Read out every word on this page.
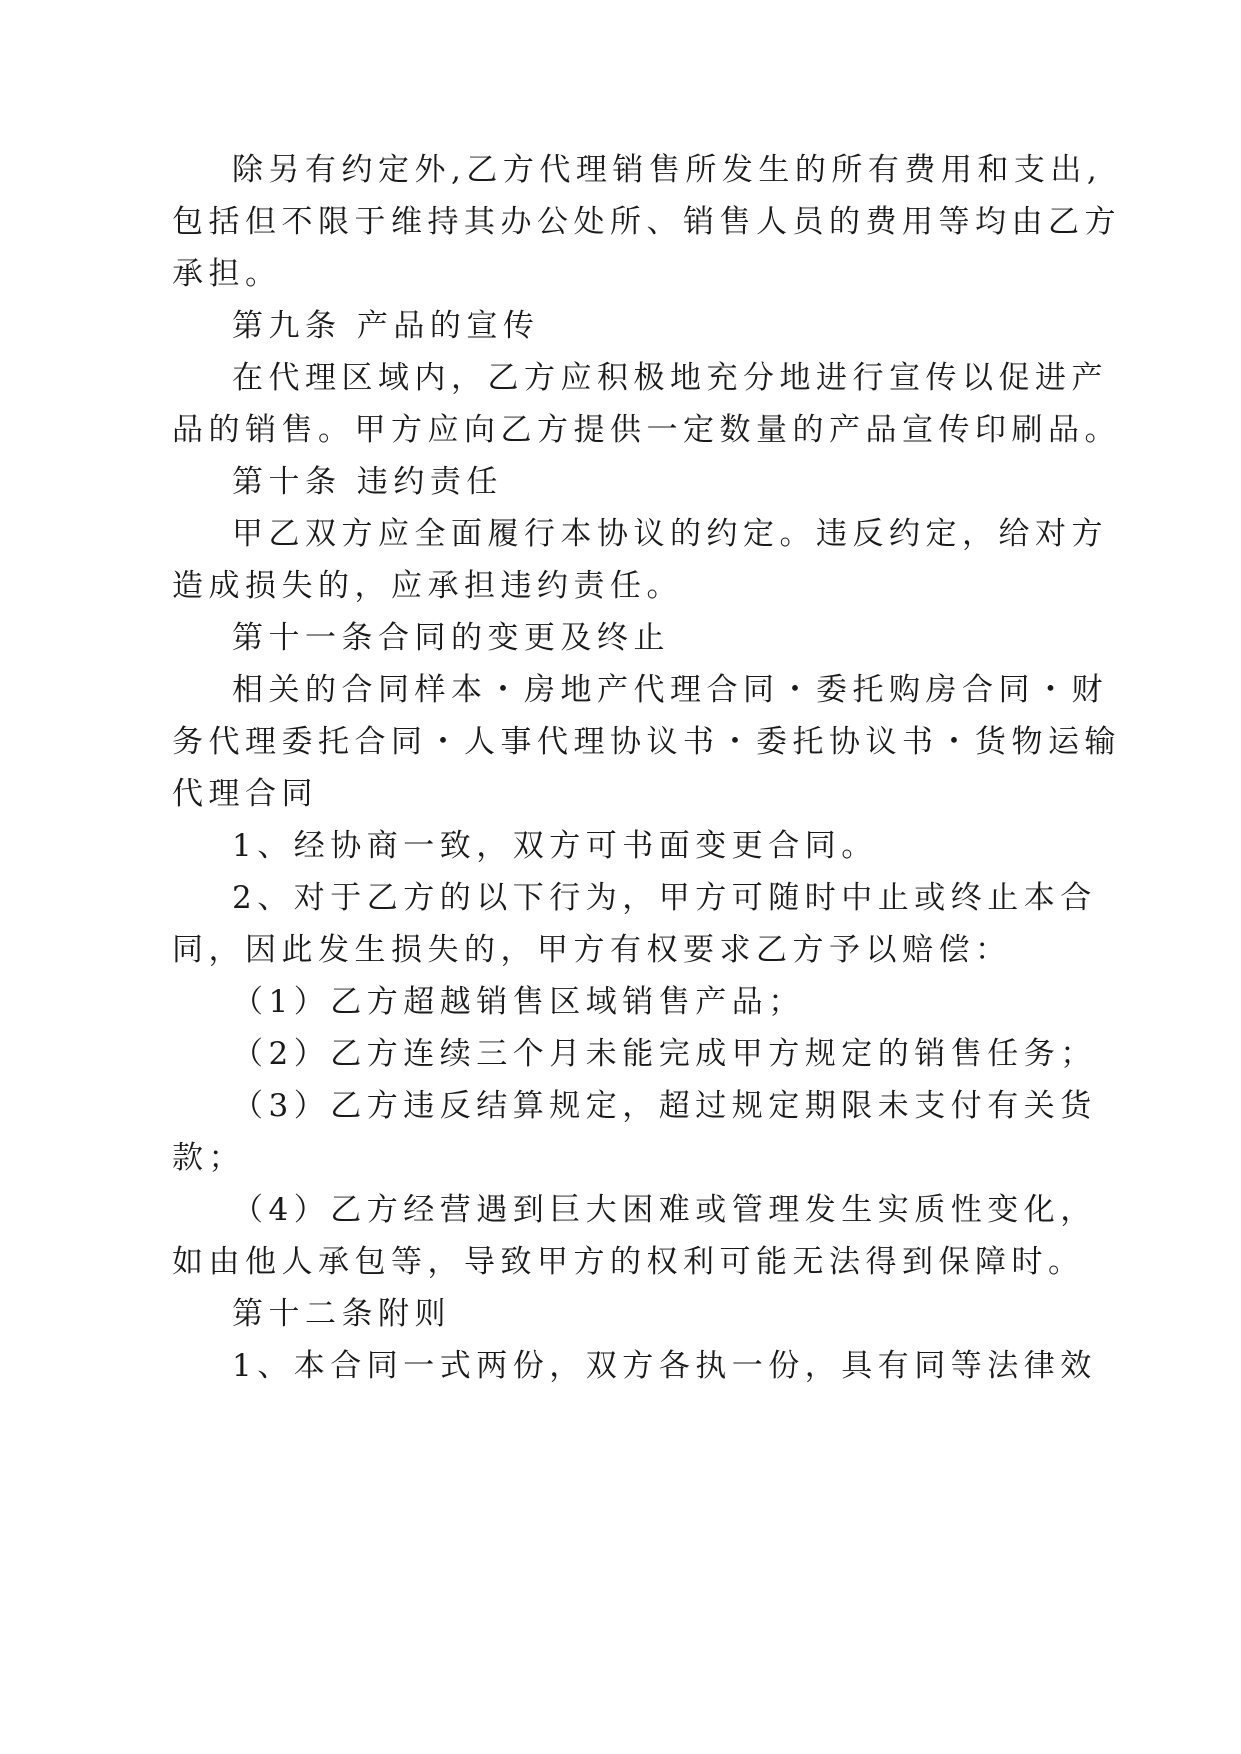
除另有约定外,乙方代理销售所发生的所有费用和支出,
包括但不限于维持其办公处所、销售人员的费用等均由乙方
承担。
第九条 产品的宣传
在代理区域内，乙方应积极地充分地进行宣传以促进产
品的销售。甲方应向乙方提供一定数量的产品宣传印刷品。
第十条 违约责任
甲乙双方应全面履行本协议的约定。违反约定，给对方
造成损失的，应承担违约责任。
第十一条合同的变更及终止
相关的合同样本・房地产代理合同・委托购房合同・财
务代理委托合同・人事代理协议书・委托协议书・货物运输
代理合同
1、经协商一致，双方可书面变更合同。
2、对于乙方的以下行为，甲方可随时中止或终止本合
同，因此发生损失的，甲方有权要求乙方予以赔偿：
（1）乙方超越销售区域销售产品；
（2）乙方连续三个月未能完成甲方规定的销售任务；
（3）乙方违反结算规定，超过规定期限未支付有关货
款；
（4）乙方经营遇到巨大困难或管理发生实质性变化，
如由他人承包等，导致甲方的权利可能无法得到保障时。
第十二条附则
1、本合同一式两份，双方各执一份，具有同等法律效
